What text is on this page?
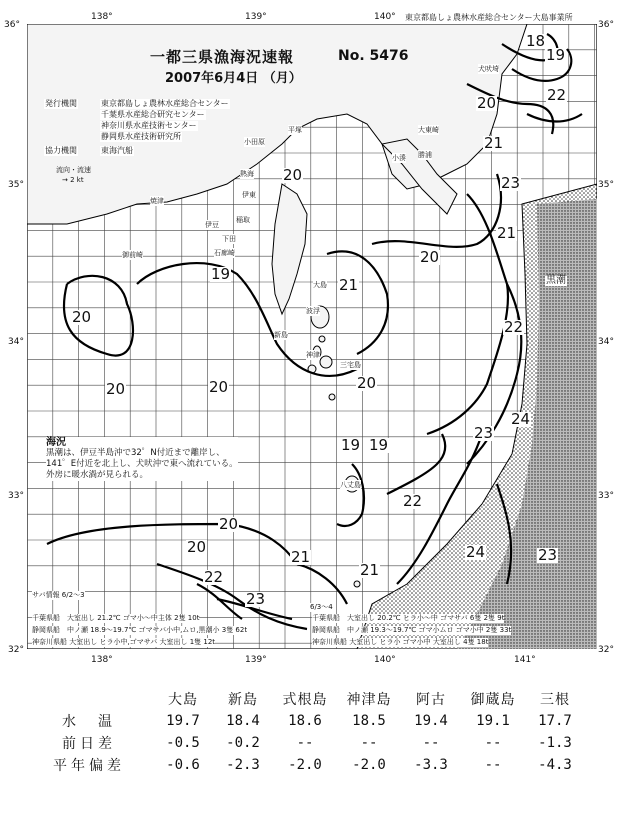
東京都島しょ農林水産総合センター大島事業所
138°	139°	140°
138°	139°	140°	141°
36°
35°
34°
33°
32°
36°
35°
34°
33°
32°
一都三県漁海況速報	No. 5476
2007年6月4日 （月）
発行機関	東京都島しょ農林水産総合センター
千葉県水産総合研究センター
神奈川県水産技術センター
静岡県水産技術研究所
協力機関	東海汽船
流向・流速
→ 2 kt
黒潮
18
19
20	22
21
23
20
21
19
20
21
20
22
20
24
23
19
20
22
20
21	24	23
20
22
23
21
19
20
犬吠埼
大東崎
勝浦
小湊
平塚
小田原
熱海
伊東
稲取
下田
焼津
御前崎
伊豆
石廊崎
波浮
新島
三宅島
八丈島
大島
神津
海況
黒潮は、伊豆半島沖で32゜N付近まで離岸し、
141゜E付近を北上し、犬吠沖で東へ流れている。
外房に暖水渦が見られる。
サバ情報 6/2～3
6/3～4
千葉県船　大室出し 21.2℃ ゴマ小～中主体 2隻 10t
静岡県船　中ノ瀬 18.9～19.7℃ ゴマサバ小中,ムロ,黒潮小 3隻 62t
神奈川県船 大室出し ヒラ小中,ゴマサバ 大室出し 1隻 12t
千葉県船　大室出し 20.2℃ ヒラ小～中 ゴマサバ 6隻 2隻 9t
静岡県船　中ノ瀬 19.3～19.7℃ ゴマ小ムロ ゴマ小中 2隻 33t
神奈川県船 大室出し ヒラ小 ゴマ小中 大室出し 4隻 18t
	大島	新島	式根島	神津島	阿古	御蔵島	三根
水　温	19.7	18.4	18.6	18.5	19.4	19.1	17.7
前日差	-0.5	-0.2	--	--	--	--	-1.3
平年偏差	-0.6	-2.3	-2.0	-2.0	-3.3	--	-4.3
